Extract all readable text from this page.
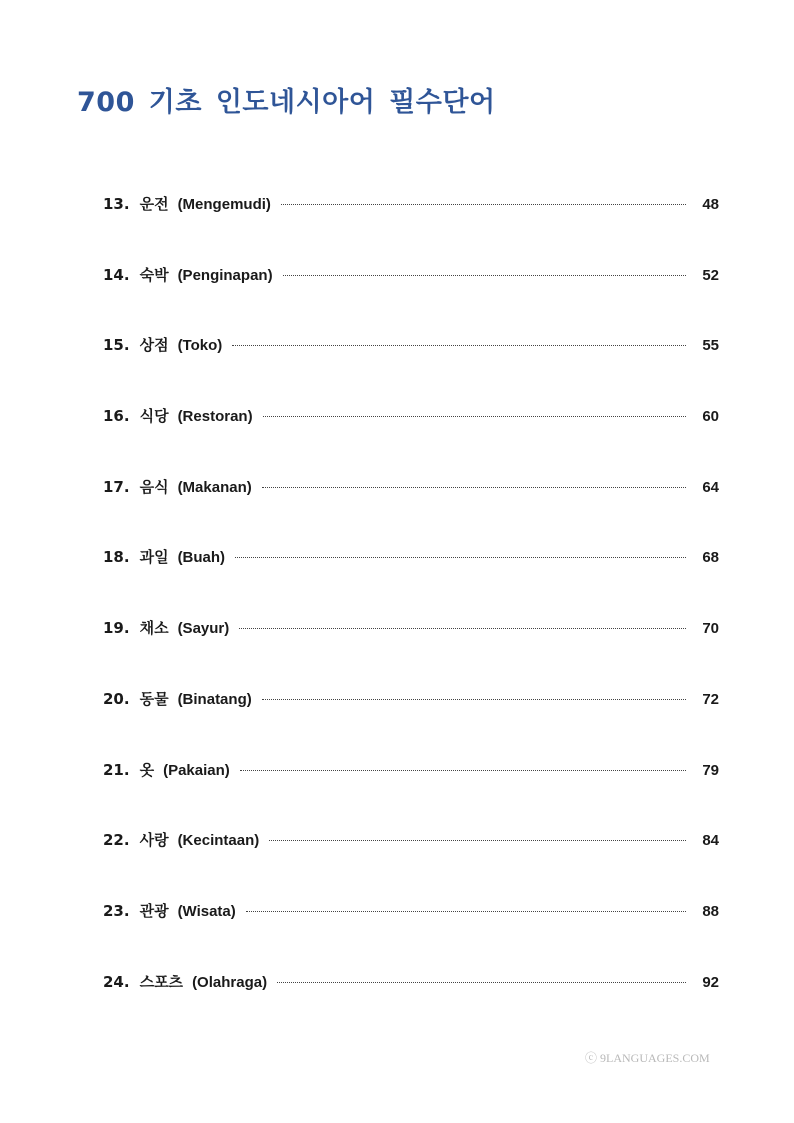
700 기초 인도네시아어 필수단어
13. 운전 (Mengemudi)	48
14. 숙박 (Penginapan)	52
15. 상점 (Toko)	55
16. 식당 (Restoran)	60
17. 음식 (Makanan)	64
18. 과일 (Buah)	68
19. 채소 (Sayur)	70
20. 동물 (Binatang)	72
21. 옷 (Pakaian)	79
22. 사랑 (Kecintaan)	84
23. 관광 (Wisata)	88
24. 스포츠 (Olahraga)	92
ⓒ 9LANGUAGES.COM
